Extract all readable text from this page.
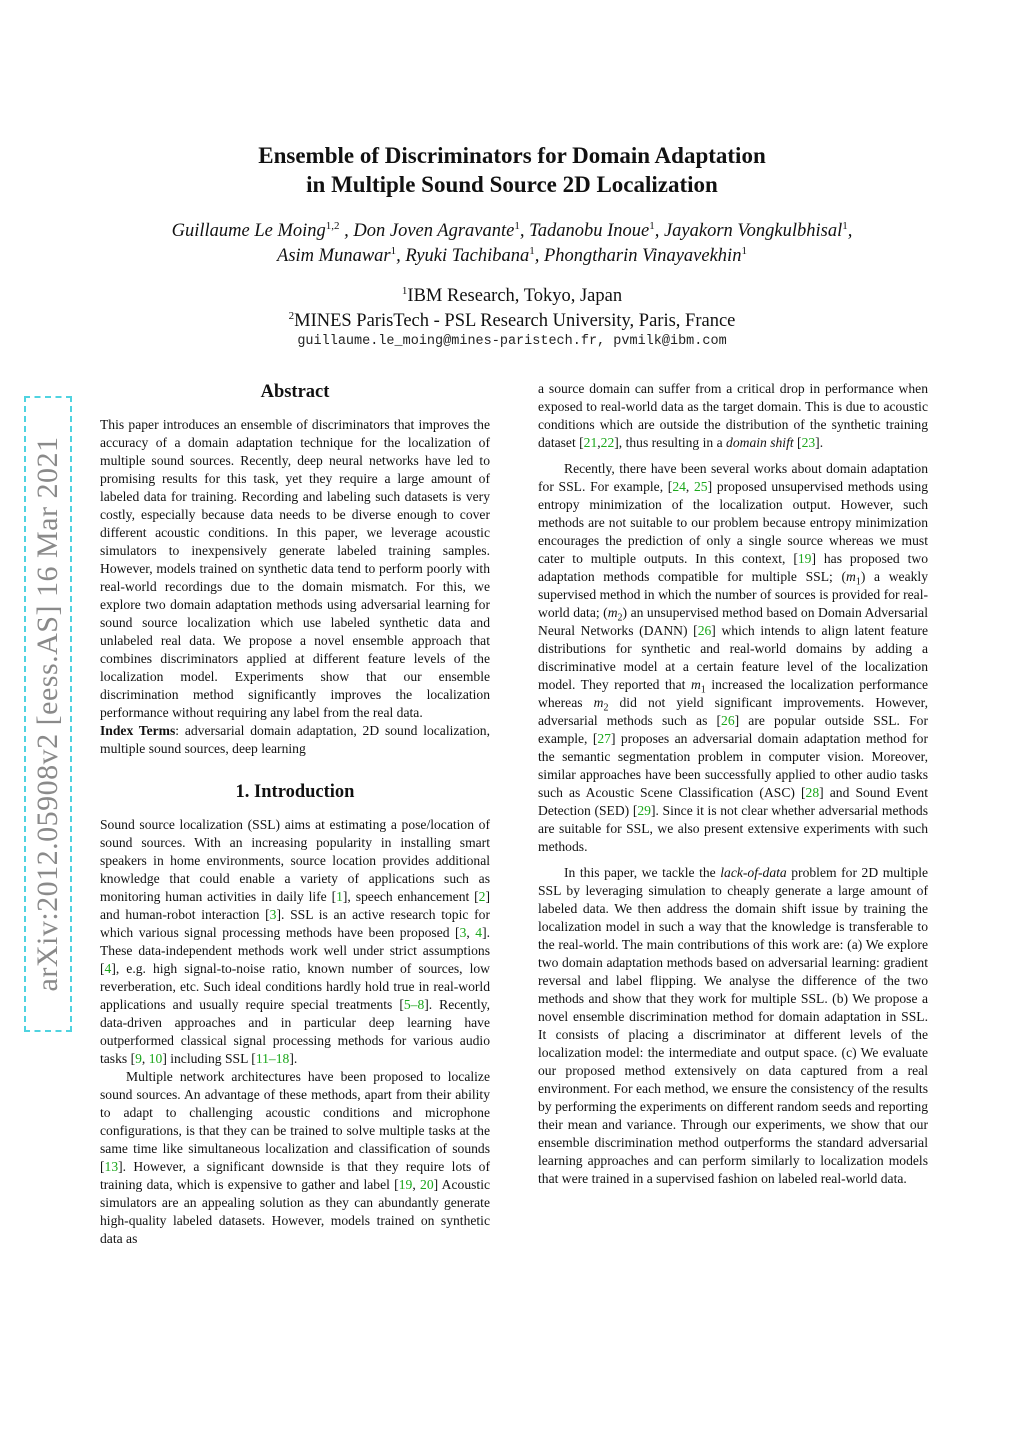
arXiv:2012.05908v2 [eess.AS] 16 Mar 2021
Ensemble of Discriminators for Domain Adaptation
in Multiple Sound Source 2D Localization
Guillaume Le Moing$^{1,2}$ , Don Joven Agravante$^1$, Tadanobu Inoue$^1$, Jayakorn Vongkulbhisal$^1$,
Asim Munawar$^1$, Ryuki Tachibana$^1$, Phongtharin Vinayavekhin$^1$
$^1$IBM Research, Tokyo, Japan
$^2$MINES ParisTech - PSL Research University, Paris, France
guillaume.le_moing@mines-paristech.fr, pvmilk@ibm.com
Abstract

This paper introduces an ensemble of discriminators that improves the accuracy of a domain adaptation technique for the localization of multiple sound sources. Recently, deep neural networks have led to promising results for this task, yet they require a large amount of labeled data for training. Recording and labeling such datasets is very costly, especially because data needs to be diverse enough to cover different acoustic conditions. In this paper, we leverage acoustic simulators to inexpensively generate labeled training samples. However, models trained on synthetic data tend to perform poorly with real-world recordings due to the domain mismatch. For this, we explore two domain adaptation methods using adversarial learning for sound source localization which use labeled synthetic data and unlabeled real data. We propose a novel ensemble approach that combines discriminators applied at different feature levels of the localization model. Experiments show that our ensemble discrimination method significantly improves the localization performance without requiring any label from the real data.

Index Terms: adversarial domain adaptation, 2D sound localization, multiple sound sources, deep learning

1. Introduction

Sound source localization (SSL) aims at estimating a pose/location of sound sources. With an increasing popularity in installing smart speakers in home environments, source location provides additional knowledge that could enable a variety of applications such as monitoring human activities in daily life [1], speech enhancement [2] and human-robot interaction [3]. SSL is an active research topic for which various signal processing methods have been proposed [3, 4]. These data-independent methods work well under strict assumptions [4], e.g. high signal-to-noise ratio, known number of sources, low reverberation, etc. Such ideal conditions hardly hold true in real-world applications and usually require special treatments [5–8]. Recently, data-driven approaches and in particular deep learning have outperformed classical signal processing methods for various audio tasks [9, 10] including SSL [11–18].

Multiple network architectures have been proposed to localize sound sources. An advantage of these methods, apart from their ability to adapt to challenging acoustic conditions and microphone configurations, is that they can be trained to solve multiple tasks at the same time like simultaneous localization and classification of sounds [13]. However, a significant downside is that they require lots of training data, which is expensive to gather and label [19, 20] Acoustic simulators are an appealing solution as they can abundantly generate high-quality labeled datasets. However, models trained on synthetic data as

a source domain can suffer from a critical drop in performance when exposed to real-world data as the target domain. This is due to acoustic conditions which are outside the distribution of the synthetic training dataset [21,22], thus resulting in a domain shift [23].

Recently, there have been several works about domain adaptation for SSL. For example, [24, 25] proposed unsupervised methods using entropy minimization of the localization output. However, such methods are not suitable to our problem because entropy minimization encourages the prediction of only a single source whereas we must cater to multiple outputs. In this context, [19] has proposed two adaptation methods compatible for multiple SSL; $(m_1)$ a weakly supervised method in which the number of sources is provided for real-world data; $(m_2)$ an unsupervised method based on Domain Adversarial Neural Networks (DANN) [26] which intends to align latent feature distributions for synthetic and real-world domains by adding a discriminative model at a certain feature level of the localization model. They reported that $m_1$ increased the localization performance whereas $m_2$ did not yield significant improvements. However, adversarial methods such as [26] are popular outside SSL. For example, [27] proposes an adversarial domain adaptation method for the semantic segmentation problem in computer vision. Moreover, similar approaches have been successfully applied to other audio tasks such as Acoustic Scene Classification (ASC) [28] and Sound Event Detection (SED) [29]. Since it is not clear whether adversarial methods are suitable for SSL, we also present extensive experiments with such methods.

In this paper, we tackle the lack-of-data problem for 2D multiple SSL by leveraging simulation to cheaply generate a large amount of labeled data. We then address the domain shift issue by training the localization model in such a way that the knowledge is transferable to the real-world. The main contributions of this work are: (a) We explore two domain adaptation methods based on adversarial learning: gradient reversal and label flipping. We analyse the difference of the two methods and show that they work for multiple SSL. (b) We propose a novel ensemble discrimination method for domain adaptation in SSL. It consists of placing a discriminator at different levels of the localization model: the intermediate and output space. (c) We evaluate our proposed method extensively on data captured from a real environment. For each method, we ensure the consistency of the results by performing the experiments on different random seeds and reporting their mean and variance. Through our experiments, we show that our ensemble discrimination method outperforms the standard adversarial learning approaches and can perform similarly to localization models that were trained in a supervised fashion on labeled real-world data.
